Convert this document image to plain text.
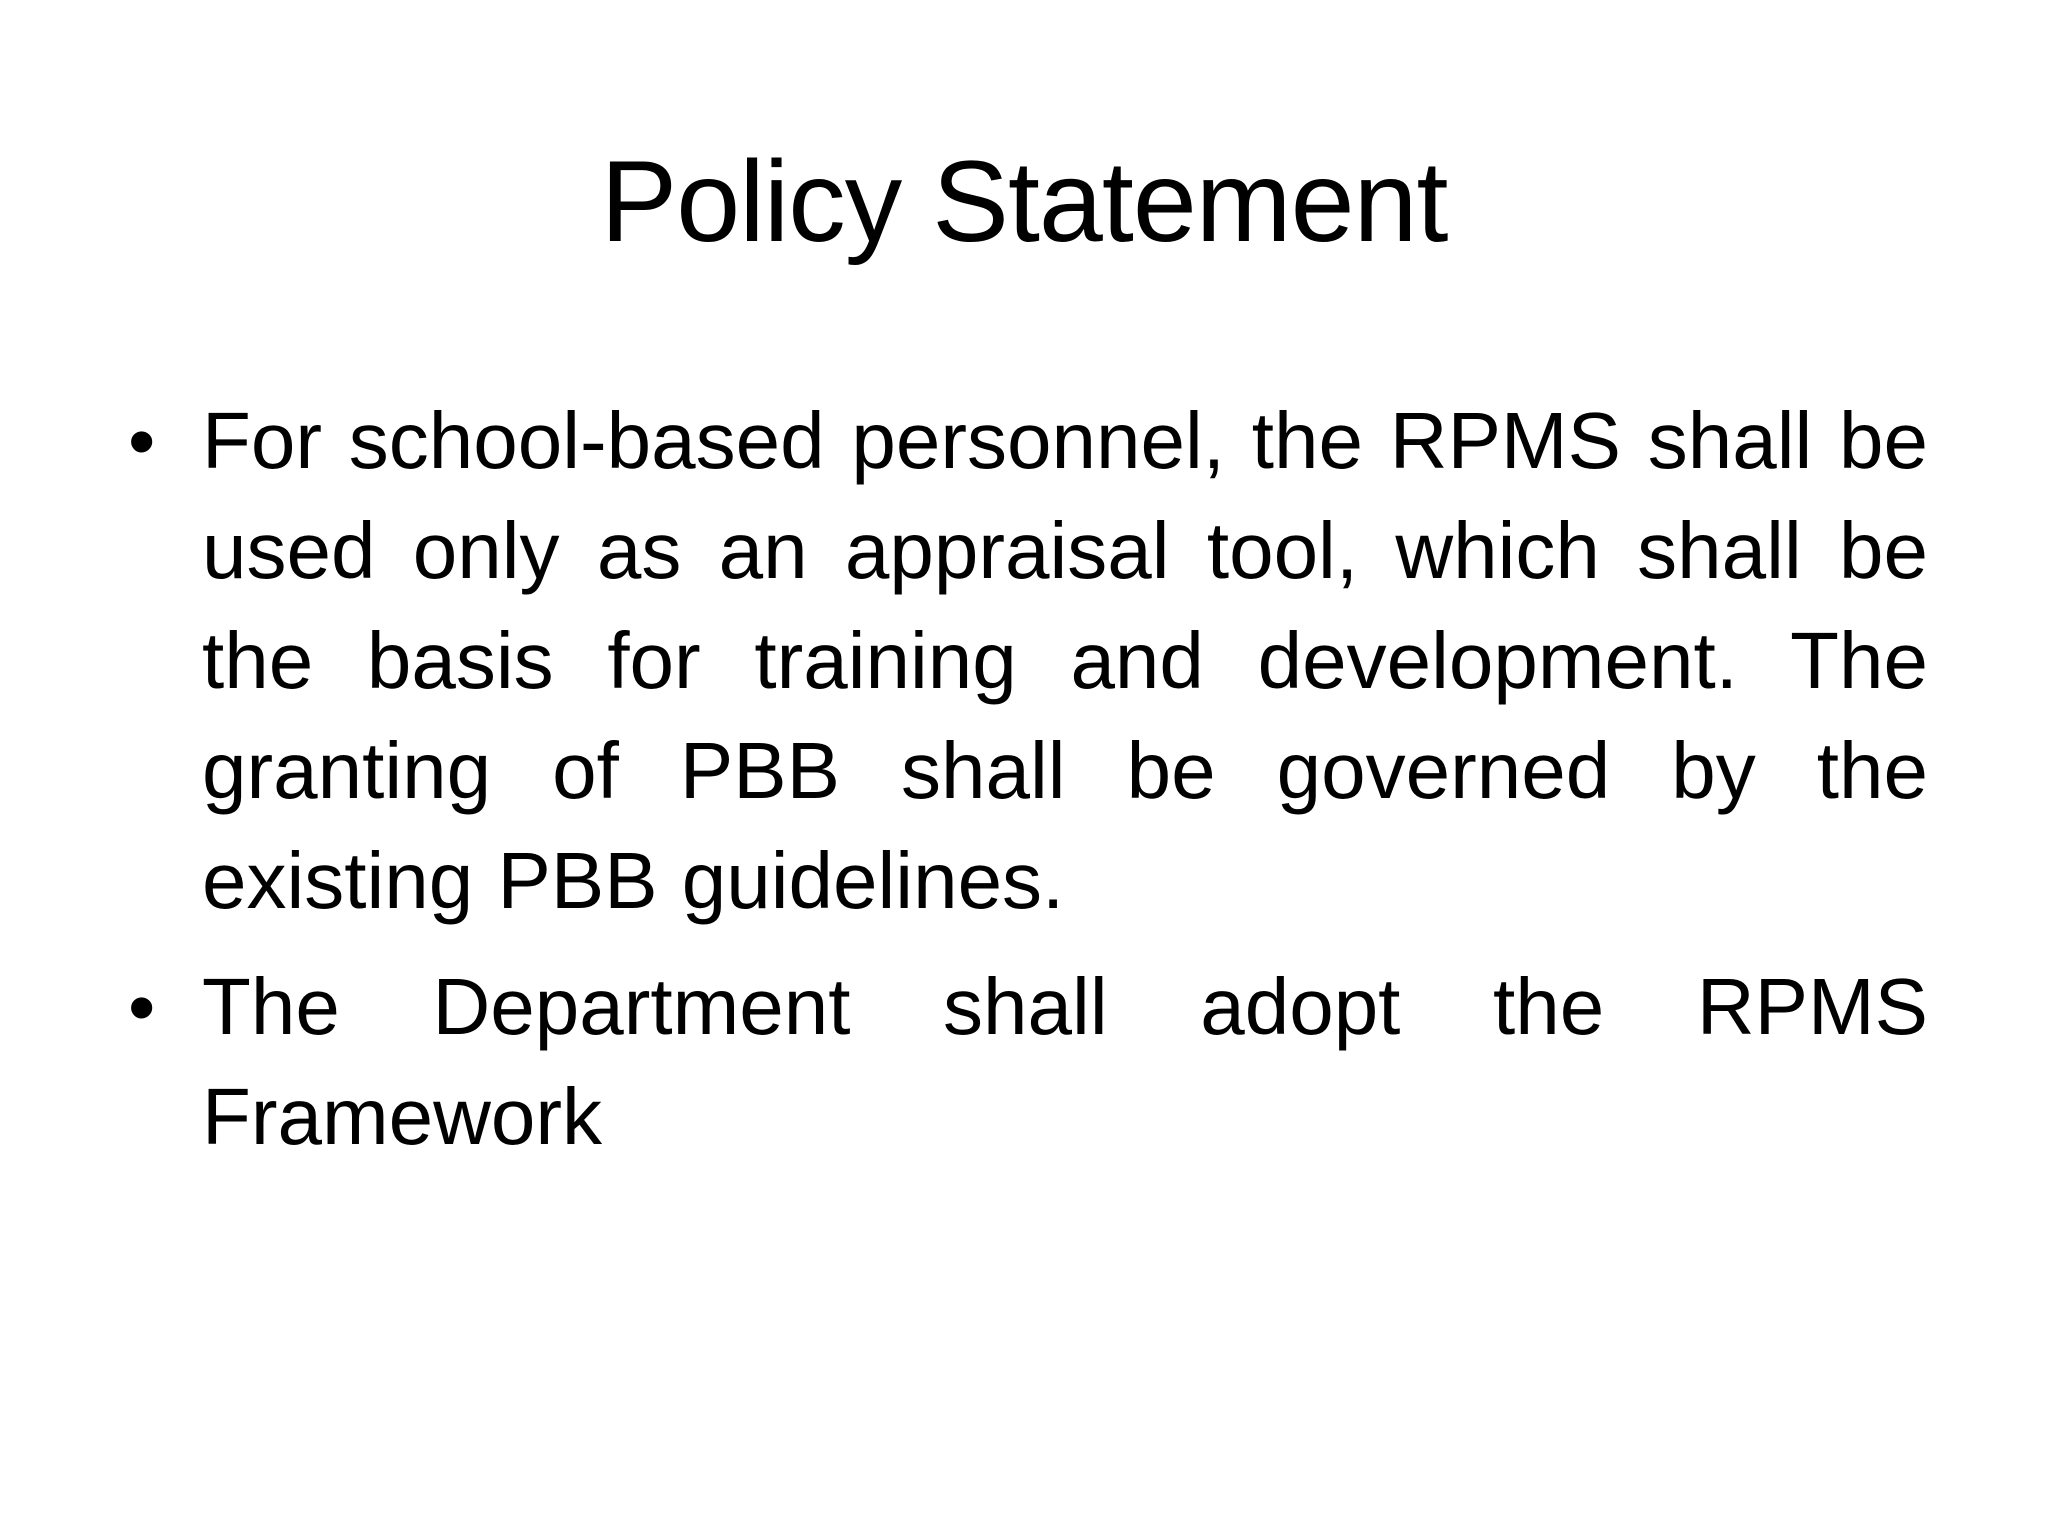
Policy Statement
• For school-based personnel, the RPMS shall be used only as an appraisal tool, which shall be the basis for training and development. The granting of PBB shall be governed by the existing PBB guidelines.
• The Department shall adopt the RPMS Framework
